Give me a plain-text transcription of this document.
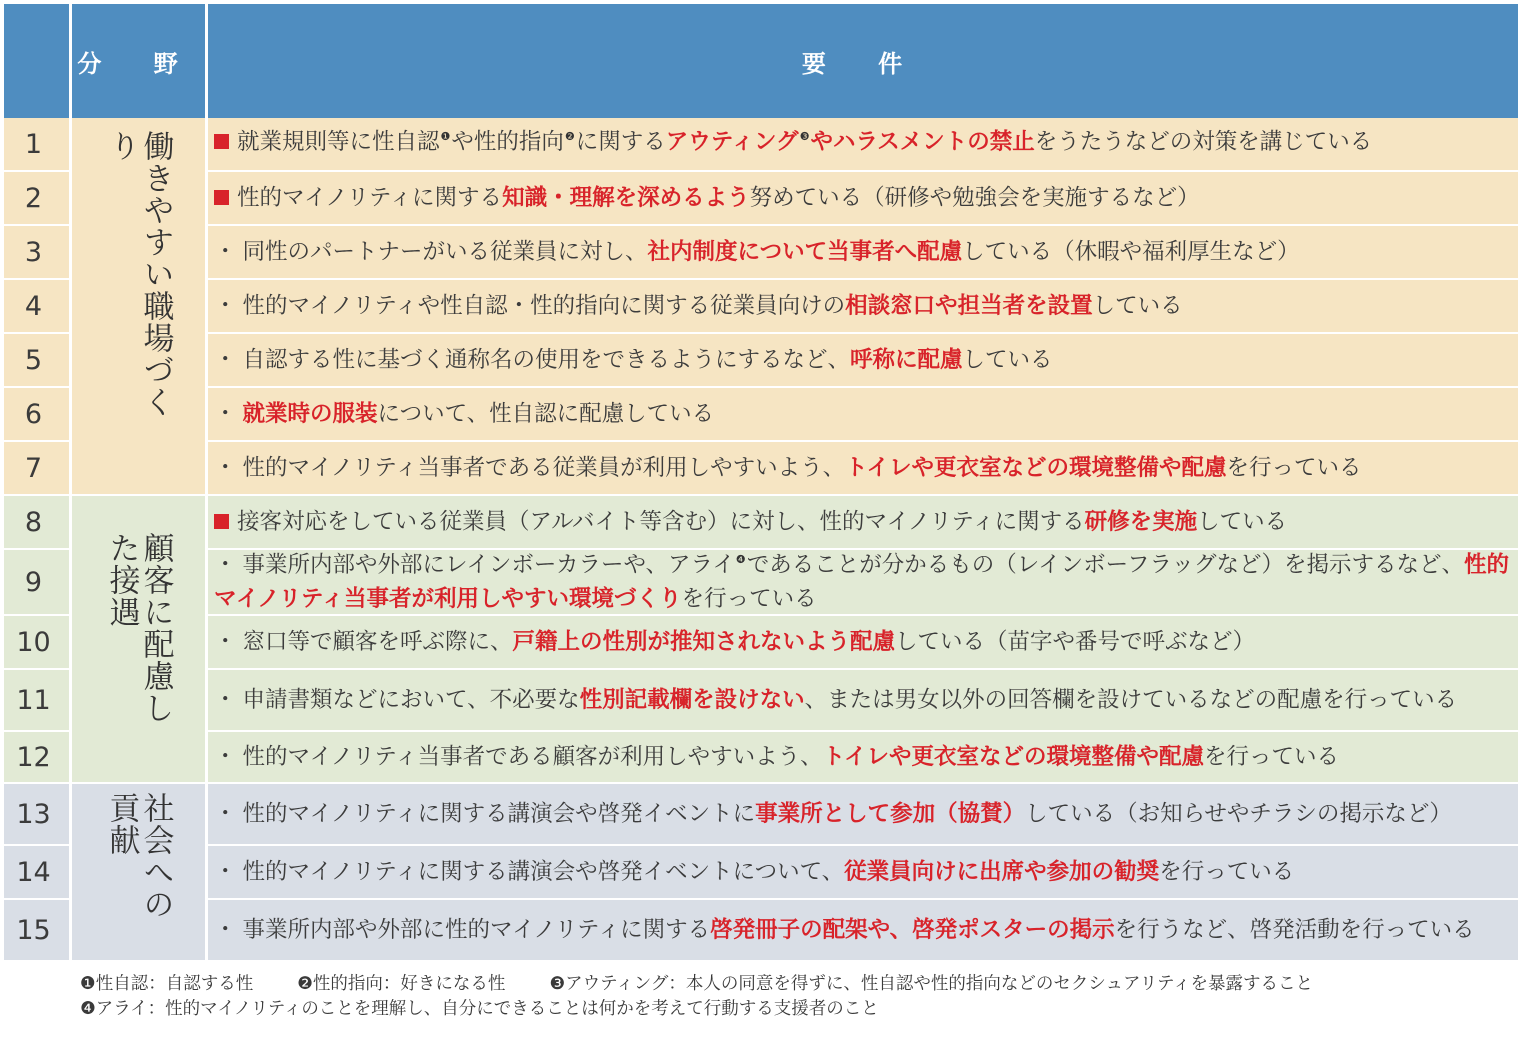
	分 野	要 件
1	働きやすい職場づくり	就業規則等に性自認$^❶$や性的指向$^❷$に関するアウティング$^❸$やハラスメントの禁止をうたうなどの対策を講じている
2		性的マイノリティに関する知識・理解を深めるよう努めている（研修や勉強会を実施するなど）
3		・ 同性のパートナーがいる従業員に対し、社内制度について当事者へ配慮している（休暇や福利厚生など）
4		・ 性的マイノリティや性自認・性的指向に関する従業員向けの相談窓口や担当者を設置している
5		・ 自認する性に基づく通称名の使用をできるようにするなど、呼称に配慮している
6		・ 就業時の服装について、性自認に配慮している
7		・ 性的マイノリティ当事者である従業員が利用しやすいよう、トイレや更衣室などの環境整備や配慮を行っている
8	顧客に配慮した接遇	接客対応をしている従業員（アルバイト等含む）に対し、性的マイノリティに関する研修を実施している
9		・ 事業所内部や外部にレインボーカラーや、アライ$^❹$であることが分かるもの（レインボーフラッグなど）を掲示するなど、性的マイノリティ当事者が利用しやすい環境づくりを行っている
10		・ 窓口等で顧客を呼ぶ際に、戸籍上の性別が推知されないよう配慮している（苗字や番号で呼ぶなど）
11		・ 申請書類などにおいて、不必要な性別記載欄を設けない、または男女以外の回答欄を設けているなどの配慮を行っている
12		・ 性的マイノリティ当事者である顧客が利用しやすいよう、トイレや更衣室などの環境整備や配慮を行っている
13	社会への貢献	・ 性的マイノリティに関する講演会や啓発イベントに事業所として参加（協賛）している（お知らせやチラシの掲示など）
14		・ 性的マイノリティに関する講演会や啓発イベントについて、従業員向けに出席や参加の勧奨を行っている
15		・ 事業所内部や外部に性的マイノリティに関する啓発冊子の配架や、啓発ポスターの掲示を行うなど、啓発活動を行っている
❶性自認：自認する性	❷性的指向：好きになる性	❸アウティング：本人の同意を得ずに、性自認や性的指向などのセクシュアリティを暴露すること
❹アライ：性的マイノリティのことを理解し、自分にできることは何かを考えて行動する支援者のこと
